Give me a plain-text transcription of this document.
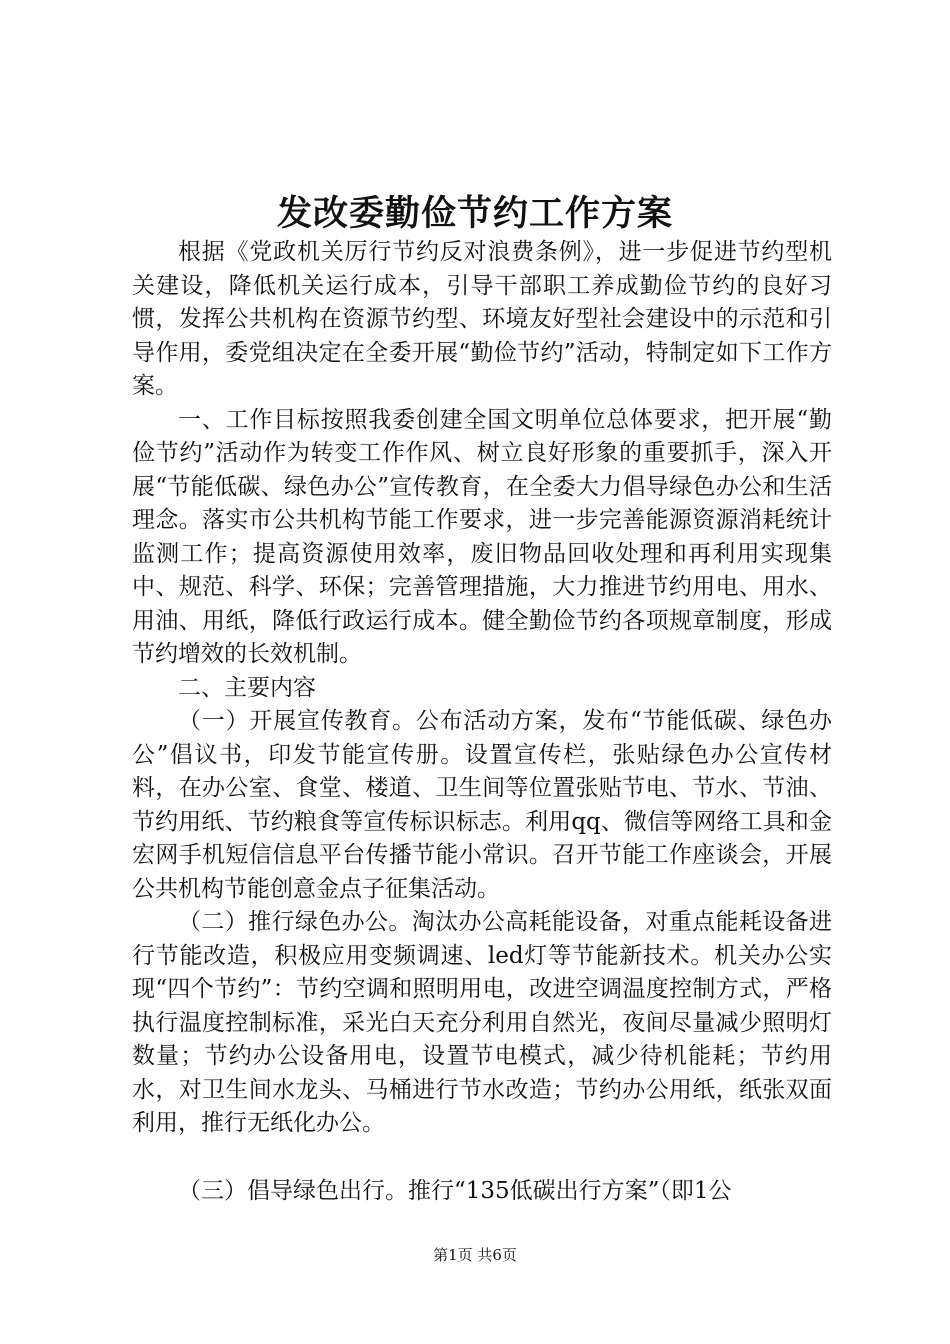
发改委勤俭节约工作方案

根据《党政机关厉行节约反对浪费条例》，进一步促进节约型机关建设，降低机关运行成本，引导干部职工养成勤俭节约的良好习惯，发挥公共机构在资源节约型、环境友好型社会建设中的示范和引导作用，委党组决定在全委开展“勤俭节约”活动，特制定如下工作方案。

一、工作目标按照我委创建全国文明单位总体要求，把开展“勤俭节约”活动作为转变工作作风、树立良好形象的重要抓手，深入开展“节能低碳、绿色办公”宣传教育，在全委大力倡导绿色办公和生活理念。落实市公共机构节能工作要求，进一步完善能源资源消耗统计监测工作；提高资源使用效率，废旧物品回收处理和再利用实现集中、规范、科学、环保；完善管理措施，大力推进节约用电、用水、用油、用纸，降低行政运行成本。健全勤俭节约各项规章制度，形成节约增效的长效机制。

二、主要内容

（一）开展宣传教育。公布活动方案，发布“节能低碳、绿色办公”倡议书，印发节能宣传册。设置宣传栏，张贴绿色办公宣传材料，在办公室、食堂、楼道、卫生间等位置张贴节电、节水、节油、节约用纸、节约粮食等宣传标识标志。利用qq、微信等网络工具和金宏网手机短信信息平台传播节能小常识。召开节能工作座谈会，开展公共机构节能创意金点子征集活动。

（二）推行绿色办公。淘汰办公高耗能设备，对重点能耗设备进行节能改造，积极应用变频调速、led灯等节能新技术。机关办公实现“四个节约”：节约空调和照明用电，改进空调温度控制方式，严格执行温度控制标准，采光白天充分利用自然光，夜间尽量减少照明灯数量；节约办公设备用电，设置节电模式，减少待机能耗；节约用水，对卫生间水龙头、马桶进行节水改造；节约办公用纸，纸张双面利用，推行无纸化办公。

（三）倡导绿色出行。推行“135低碳出行方案”（即1公

第1页 共6页
